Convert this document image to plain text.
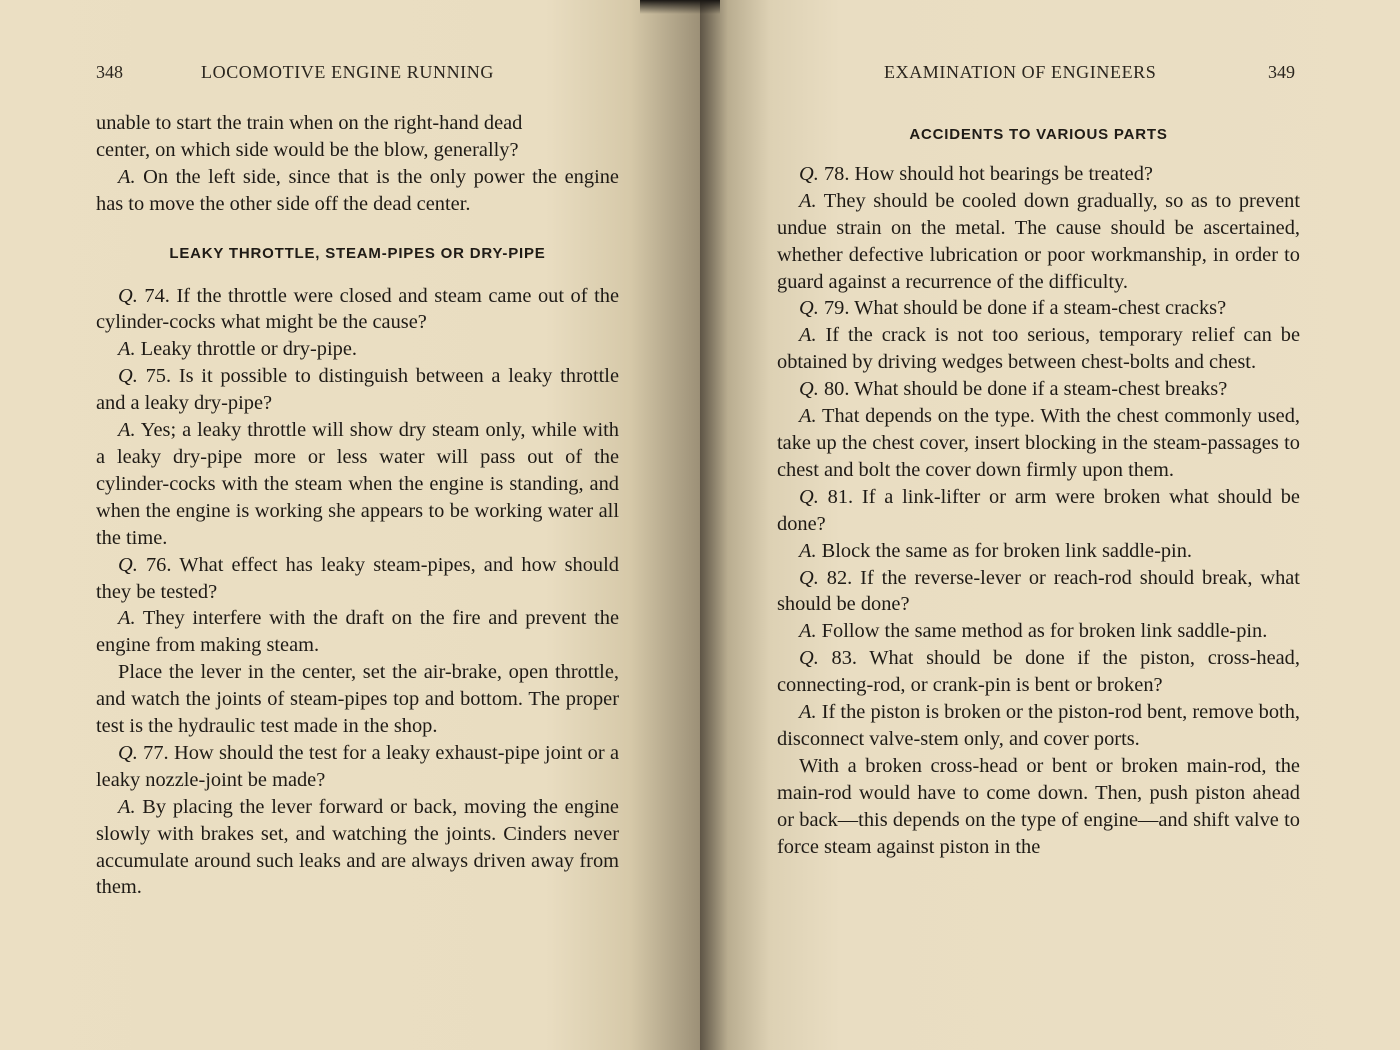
348	LOCOMOTIVE ENGINE RUNNING

unable to start the train when on the right-hand dead

center, on which side would be the blow, generally?

A. On the left side, since that is the only power the engine has to move the other side off the dead center.

LEAKY THROTTLE, STEAM-PIPES OR DRY-PIPE

Q. 74. If the throttle were closed and steam came out of the cylinder-cocks what might be the cause?

A. Leaky throttle or dry-pipe.

Q. 75. Is it possible to distinguish between a leaky throttle and a leaky dry-pipe?

A. Yes; a leaky throttle will show dry steam only, while with a leaky dry-pipe more or less water will pass out of the cylinder-cocks with the steam when the engine is standing, and when the engine is working she appears to be working water all the time.

Q. 76. What effect has leaky steam-pipes, and how should they be tested?

A. They interfere with the draft on the fire and prevent the engine from making steam.

Place the lever in the center, set the air-brake, open throttle, and watch the joints of steam-pipes top and bottom. The proper test is the hydraulic test made in the shop.

Q. 77. How should the test for a leaky exhaust-pipe joint or a leaky nozzle-joint be made?

A. By placing the lever forward or back, moving the engine slowly with brakes set, and watching the joints. Cinders never accumulate around such leaks and are always driven away from them.

EXAMINATION OF ENGINEERS	349

ACCIDENTS TO VARIOUS PARTS

Q. 78. How should hot bearings be treated?

A. They should be cooled down gradually, so as to prevent undue strain on the metal. The cause should be ascertained, whether defective lubrication or poor workmanship, in order to guard against a recurrence of the difficulty.

Q. 79. What should be done if a steam-chest cracks?

A. If the crack is not too serious, temporary relief can be obtained by driving wedges between chest-bolts and chest.

Q. 80. What should be done if a steam-chest breaks?

A. That depends on the type. With the chest commonly used, take up the chest cover, insert blocking in the steam-passages to chest and bolt the cover down firmly upon them.

Q. 81. If a link-lifter or arm were broken what should be done?

A. Block the same as for broken link saddle-pin.

Q. 82. If the reverse-lever or reach-rod should break, what should be done?

A. Follow the same method as for broken link saddle-pin.

Q. 83. What should be done if the piston, cross-head, connecting-rod, or crank-pin is bent or broken?

A. If the piston is broken or the piston-rod bent, remove both, disconnect valve-stem only, and cover ports.

With a broken cross-head or bent or broken main-rod, the main-rod would have to come down. Then, push piston ahead or back—this depends on the type of engine—and shift valve to force steam against piston in the
